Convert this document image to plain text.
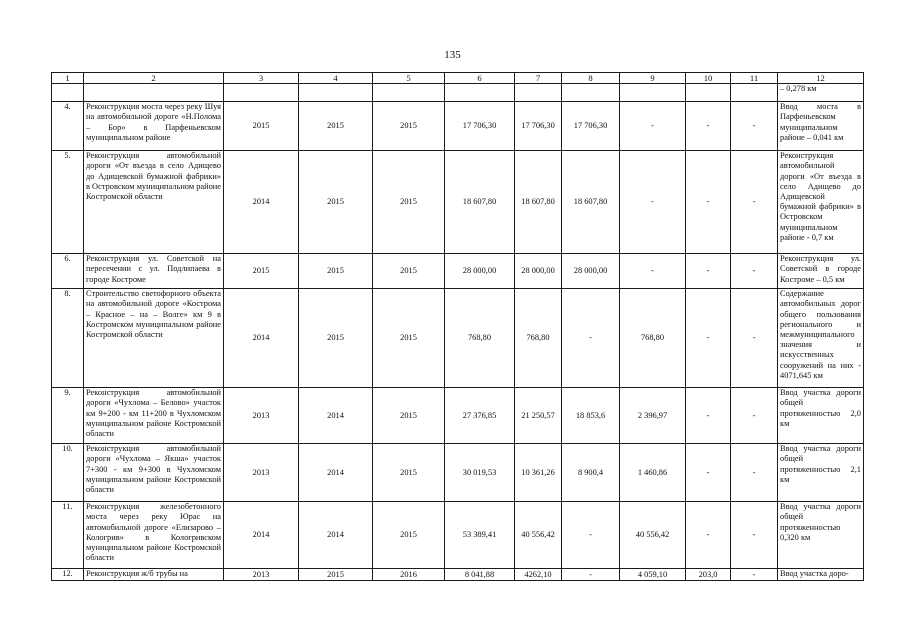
135
1	2	3	4	5	6	7	8	9	10	11	12
											– 0,278 км
4.	Реконструкция моста через реку Шуя на автомобильной дороге «Н.Полома – Бор» в Парфеньевском муниципальном районе	2015	2015	2015	17 706,30	17 706,30	17 706,30	-	-	-	Ввод моста в Парфеньевском муниципальном районе – 0,041 км
5.	Реконструкция автомобильной дороги «От въезда в село Адищево до Адищевской бумажной фабрики» в Островском муниципальном районе Костромской области	2014	2015	2015	18 607,80	18 607,80	18 607,80	-	-	-	Реконструкция автомобильной дороги «От въезда в село Адищево до Адищевской бумажной фабрики» в Островском муниципальном районе - 0,7 км
6.	Реконструкция ул. Советской на пересечении с ул. Подлипаева в городе Костроме	2015	2015	2015	28 000,00	28 000,00	28 000,00	-	-	-	Реконструкция ул. Советской в городе Костроме – 0,5 км
8.	Строительство светофорного объекта на автомобильной дороге «Кострома – Красное – на – Волге» км 9 в Костромском муниципальном районе Костромской области	2014	2015	2015	768,80	768,80	-	768,80	-	-	Содержание автомобильных дорог общего пользования регионального и межмуниципального значения и искусственных сооружений на них - 4071,645 км
9.	Реконструкция автомобильной дороги «Чухлома – Белово» участок км 9+200 - км 11+200 в Чухломском муниципальном районе Костромской области	2013	2014	2015	27 376,85	21 250,57	18 853,6	2 396,97	-	-	Ввод участка дороги общей протяженностью 2,0 км
10.	Реконструкция автомобильной дороги «Чухлома – Якша» участок 7+300 - км 9+300 в Чухломском муниципальном районе Костромской области	2013	2014	2015	30 019,53	10 361,26	8 900,4	1 460,86	-	-	Ввод участка дороги общей протяженностью 2,1 км
11.	Реконструкция железобетонного моста через реку Юрас на автомобильной дороге «Елизарово – Кологрив» в Кологривском муниципальном районе Костромской области	2014	2014	2015	53 389,41	40 556,42	-	40 556,42	-	-	Ввод участка дороги общей протяженностью 0,320 км
12.	Реконструкция ж/б трубы на	2013	2015	2016	8 041,88	4262,10	-	4 059,10	203,0	-	Ввод участка доро-
